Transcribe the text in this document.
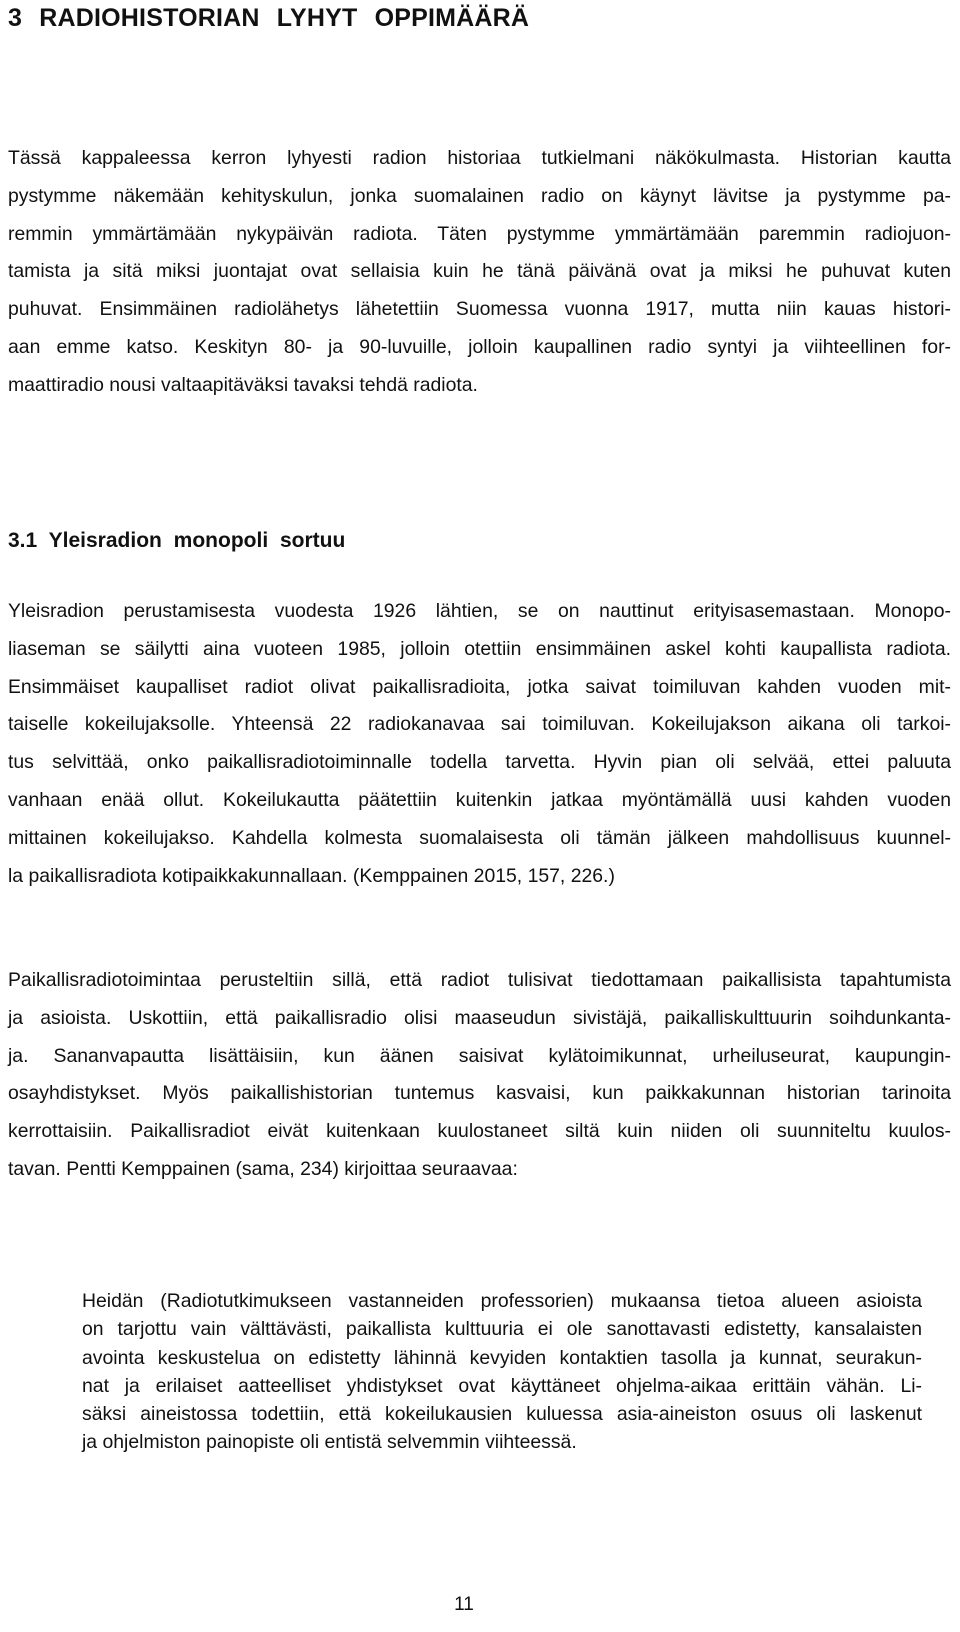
3 RADIOHISTORIAN LYHYT OPPIMÄÄRÄ

Tässä kappaleessa kerron lyhyesti radion historiaa tutkielmani näkökulmasta. Historian kautta
pystymme näkemään kehityskulun, jonka suomalainen radio on käynyt lävitse ja pystymme pa-
remmin ymmärtämään nykypäivän radiota. Täten pystymme ymmärtämään paremmin radiojuon-
tamista ja sitä miksi juontajat ovat sellaisia kuin he tänä päivänä ovat ja miksi he puhuvat kuten
puhuvat. Ensimmäinen radiolähetys lähetettiin Suomessa vuonna 1917, mutta niin kauas histori-
aan emme katso. Keskityn 80- ja 90-luvuille, jolloin kaupallinen radio syntyi ja viihteellinen for-
maattiradio nousi valtaapitäväksi tavaksi tehdä radiota.

3.1 Yleisradion monopoli sortuu

Yleisradion perustamisesta vuodesta 1926 lähtien, se on nauttinut erityisasemastaan. Monopo-
liaseman se säilytti aina vuoteen 1985, jolloin otettiin ensimmäinen askel kohti kaupallista radiota.
Ensimmäiset kaupalliset radiot olivat paikallisradioita, jotka saivat toimiluvan kahden vuoden mit-
taiselle kokeilujaksolle. Yhteensä 22 radiokanavaa sai toimiluvan. Kokeilujakson aikana oli tarkoi-
tus selvittää, onko paikallisradiotoiminnalle todella tarvetta. Hyvin pian oli selvää, ettei paluuta
vanhaan enää ollut. Kokeilukautta päätettiin kuitenkin jatkaa myöntämällä uusi kahden vuoden
mittainen kokeilujakso. Kahdella kolmesta suomalaisesta oli tämän jälkeen mahdollisuus kuunnel-
la paikallisradiota kotipaikkakunnallaan. (Kemppainen 2015, 157, 226.)

Paikallisradiotoimintaa perusteltiin sillä, että radiot tulisivat tiedottamaan paikallisista tapahtumista
ja asioista. Uskottiin, että paikallisradio olisi maaseudun sivistäjä, paikalliskulttuurin soihdunkanta-
ja. Sananvapautta lisättäisiin, kun äänen saisivat kylätoimikunnat, urheiluseurat, kaupungin-
osayhdistykset. Myös paikallishistorian tuntemus kasvaisi, kun paikkakunnan historian tarinoita
kerrottaisiin. Paikallisradiot eivät kuitenkaan kuulostaneet siltä kuin niiden oli suunniteltu kuulos-
tavan. Pentti Kemppainen (sama, 234) kirjoittaa seuraavaa:

Heidän (Radiotutkimukseen vastanneiden professorien) mukaansa tietoa alueen asioista
on tarjottu vain välttävästi, paikallista kulttuuria ei ole sanottavasti edistetty, kansalaisten
avointa keskustelua on edistetty lähinnä kevyiden kontaktien tasolla ja kunnat, seurakun-
nat ja erilaiset aatteelliset yhdistykset ovat käyttäneet ohjelma-aikaa erittäin vähän. Li-
säksi aineistossa todettiin, että kokeilukausien kuluessa asia-aineiston osuus oli laskenut
ja ohjelmiston painopiste oli entistä selvemmin viihteessä.
11
